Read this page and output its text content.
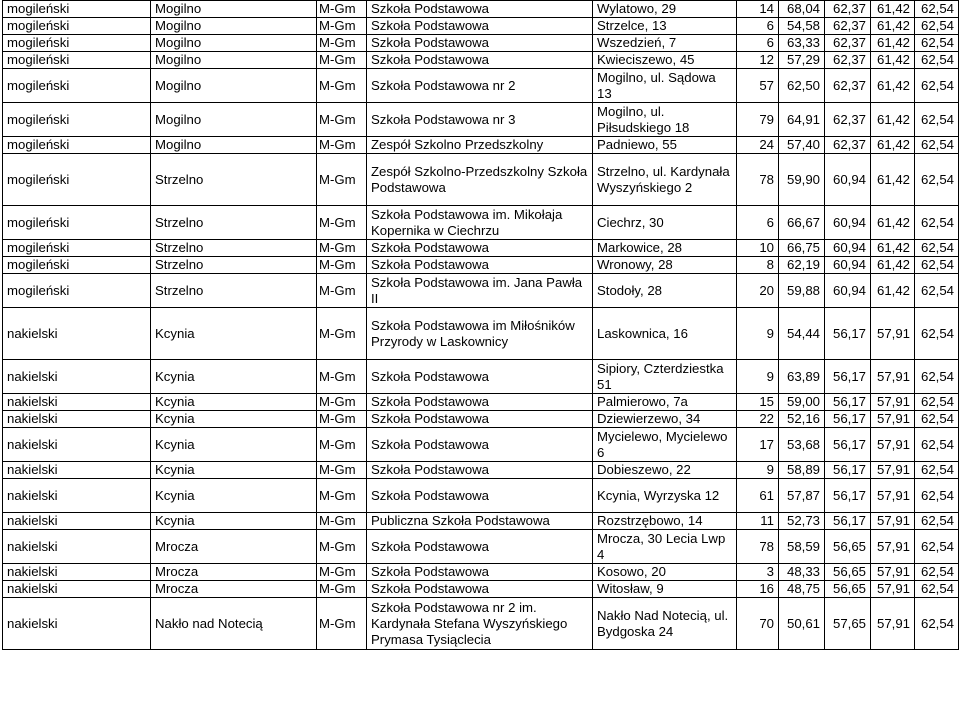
mogileński	Mogilno	M-Gm	Szkoła Podstawowa	Wylatowo, 29	14	68,04	62,37	61,42	62,54
mogileński	Mogilno	M-Gm	Szkoła Podstawowa	Strzelce, 13	6	54,58	62,37	61,42	62,54
mogileński	Mogilno	M-Gm	Szkoła Podstawowa	Wszedzień, 7	6	63,33	62,37	61,42	62,54
mogileński	Mogilno	M-Gm	Szkoła Podstawowa	Kwieciszewo, 45	12	57,29	62,37	61,42	62,54
mogileński	Mogilno	M-Gm	Szkoła Podstawowa nr 2	Mogilno, ul. Sądowa 13	57	62,50	62,37	61,42	62,54
mogileński	Mogilno	M-Gm	Szkoła Podstawowa nr 3	Mogilno, ul. Piłsudskiego 18	79	64,91	62,37	61,42	62,54
mogileński	Mogilno	M-Gm	Zespół Szkolno Przedszkolny	Padniewo, 55	24	57,40	62,37	61,42	62,54
mogileński	Strzelno	M-Gm	Zespół Szkolno-Przedszkolny Szkoła Podstawowa	Strzelno, ul. Kardynała Wyszyńskiego 2	78	59,90	60,94	61,42	62,54
mogileński	Strzelno	M-Gm	Szkoła Podstawowa im. Mikołaja Kopernika w Ciechrzu	Ciechrz, 30	6	66,67	60,94	61,42	62,54
mogileński	Strzelno	M-Gm	Szkoła Podstawowa	Markowice, 28	10	66,75	60,94	61,42	62,54
mogileński	Strzelno	M-Gm	Szkoła Podstawowa	Wronowy, 28	8	62,19	60,94	61,42	62,54
mogileński	Strzelno	M-Gm	Szkoła Podstawowa im. Jana Pawła II	Stodoły, 28	20	59,88	60,94	61,42	62,54
nakielski	Kcynia	M-Gm	Szkoła Podstawowa im Miłośników Przyrody w Laskownicy	Laskownica, 16	9	54,44	56,17	57,91	62,54
nakielski	Kcynia	M-Gm	Szkoła Podstawowa	Sipiory, Czterdziestka 51	9	63,89	56,17	57,91	62,54
nakielski	Kcynia	M-Gm	Szkoła Podstawowa	Palmierowo, 7a	15	59,00	56,17	57,91	62,54
nakielski	Kcynia	M-Gm	Szkoła Podstawowa	Dziewierzewo, 34	22	52,16	56,17	57,91	62,54
nakielski	Kcynia	M-Gm	Szkoła Podstawowa	Mycielewo, Mycielewo 6	17	53,68	56,17	57,91	62,54
nakielski	Kcynia	M-Gm	Szkoła Podstawowa	Dobieszewo, 22	9	58,89	56,17	57,91	62,54
nakielski	Kcynia	M-Gm	Szkoła Podstawowa	Kcynia, Wyrzyska 12	61	57,87	56,17	57,91	62,54
nakielski	Kcynia	M-Gm	Publiczna Szkoła Podstawowa	Rozstrzębowo, 14	11	52,73	56,17	57,91	62,54
nakielski	Mrocza	M-Gm	Szkoła Podstawowa	Mrocza, 30 Lecia Lwp 4	78	58,59	56,65	57,91	62,54
nakielski	Mrocza	M-Gm	Szkoła Podstawowa	Kosowo, 20	3	48,33	56,65	57,91	62,54
nakielski	Mrocza	M-Gm	Szkoła Podstawowa	Witosław, 9	16	48,75	56,65	57,91	62,54
nakielski	Nakło nad Notecią	M-Gm	Szkoła Podstawowa nr 2 im. Kardynała Stefana Wyszyńskiego Prymasa Tysiąclecia	Nakło Nad Notecią, ul. Bydgoska 24	70	50,61	57,65	57,91	62,54
